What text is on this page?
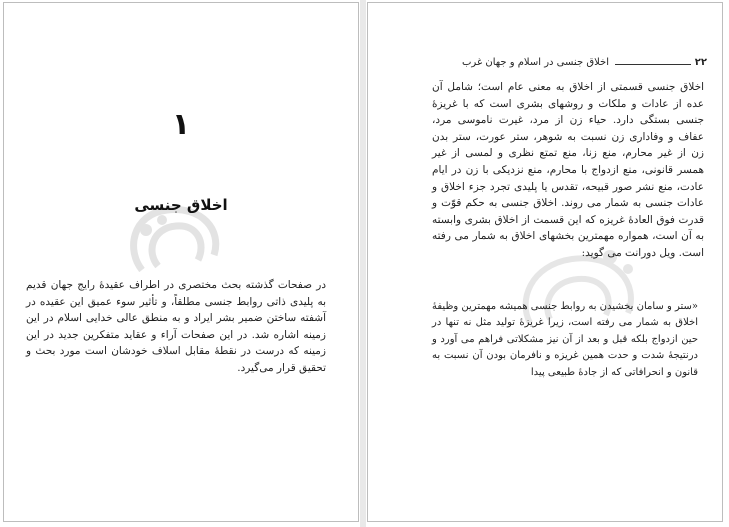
١
اخلاق جنسی
در صفحات گذشته بحث مختصری در اطراف عقیدهٔ رایج جهان قدیم به پلیدی ذاتی روابط جنسی مطلقاً، و تأثیر سوء عمیق این عقیده در آشفته ساختن ضمیر بشر ایراد و به منطق عالی خدایی اسلام در این زمینه اشاره شد. در این صفحات آراء و عقاید متفکرین جدید در این زمینه که درست در نقطهٔ مقابل اسلاف خودشان است مورد بحث و تحقیق قرار می‌گیرد.
٢٢
اخلاق جنسی در اسلام و جهان غرب
اخلاق جنسی قسمتی از اخلاق به معنی عام است؛ شامل آن عده از عادات و ملکات و روشهای بشری است که با غریزهٔ جنسی بستگی دارد. حیاء زن از مرد، غیرت ناموسی مرد، عفاف و وفاداری زن نسبت به شوهر، ستر عورت، ستر بدن زن از غیر محارم، منع زنا، منع تمتع نظری و لمسی از غیر همسر قانونی، منع ازدواج با محارم، منع نزدیکی با زن در ایام عادت، منع نشر صور قبیحه، تقدس یا پلیدی تجرد جزء اخلاق و عادات جنسی به شمار می روند. اخلاق جنسی به حکم قوّت و قدرت فوق العادهٔ غریزه که این قسمت از اخلاق بشری وابسته به آن است، همواره مهمترین بخشهای اخلاق به شمار می رفته است. ویل دورانت می گوید:
«ستر و سامان بخشیدن به روابط جنسی همیشه مهمترین وظیفهٔ اخلاق به شمار می رفته است، زیرا غریزهٔ تولید مثل نه تنها در حین ازدواج بلکه قبل و بعد از آن نیز مشکلاتی فراهم می آورد و درنتیجهٔ شدت و حدت همین غریزه و نافرمان بودن آن نسبت به قانون و انحرافاتی که از جادهٔ طبیعی پیدا
